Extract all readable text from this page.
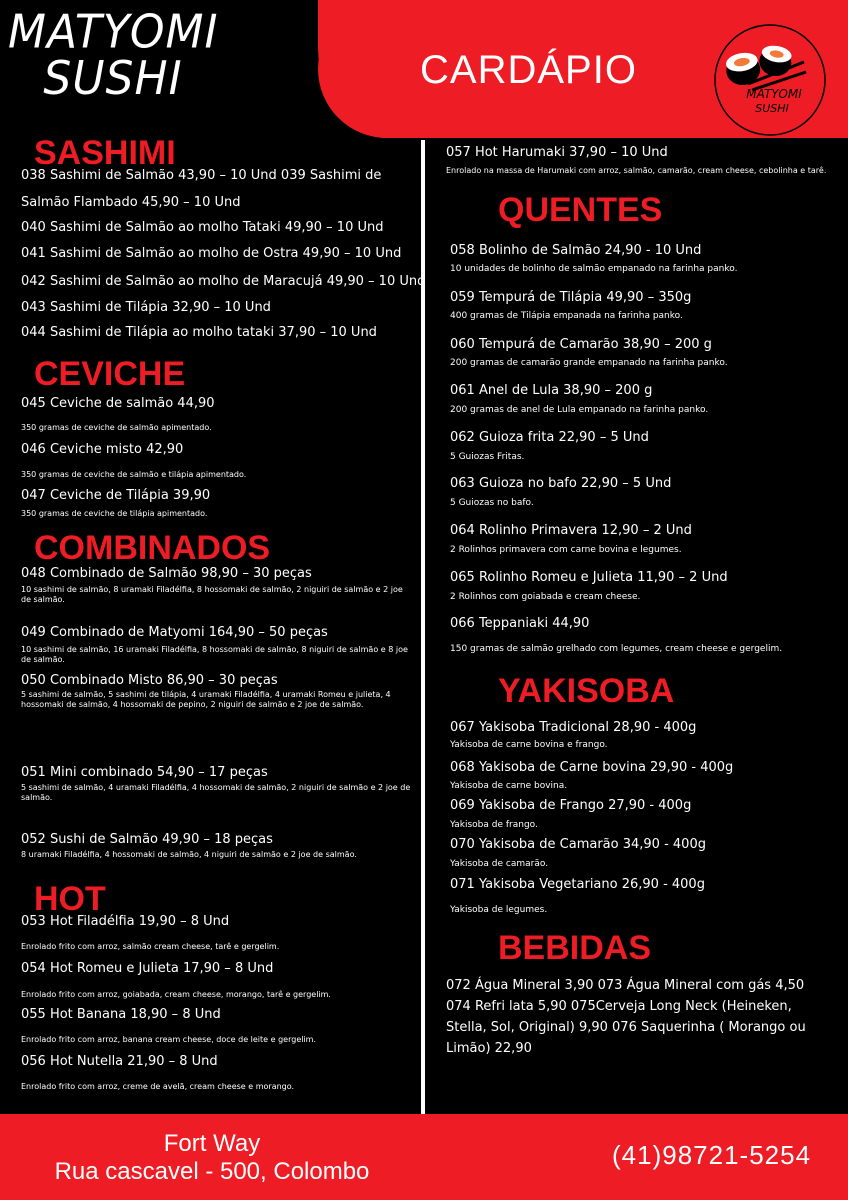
MATYOMI
SUSHI	CARDÁPIO
MATYOMI
SUSHI
SASHIMI
038 Sashimi de Salmão 43,90 – 10 Und 039 Sashimi de
Salmão Flambado 45,90 – 10 Und
040 Sashimi de Salmão ao molho Tataki 49,90 – 10 Und
041 Sashimi de Salmão ao molho de Ostra 49,90 – 10 Und
042 Sashimi de Salmão ao molho de Maracujá 49,90 – 10 Und
043 Sashimi de Tilápia 32,90 – 10 Und
044 Sashimi de Tilápia ao molho tataki 37,90 – 10 Und
CEVICHE
045 Ceviche de salmão 44,90
350 gramas de ceviche de salmão apimentado.
046 Ceviche misto 42,90
350 gramas de ceviche de salmão e tilápia apimentado.
047 Ceviche de Tilápia 39,90
350 gramas de ceviche de tilápia apimentado.
COMBINADOS
048 Combinado de Salmão 98,90 – 30 peças
10 sashimi de salmão, 8 uramaki Filadélfia, 8 hossomaki de salmão, 2 niguiri de salmão e 2 joe de salmão.
049 Combinado de Matyomi 164,90 – 50 peças
10 sashimi de salmão, 16 uramaki Filadélfia, 8 hossomaki de salmão, 8 niguiri de salmão e 8 joe de salmão.
050 Combinado Misto 86,90 – 30 peças
5 sashimi de salmão, 5 sashimi de tilápia, 4 uramaki Filadélfia, 4 uramaki Romeu e julieta, 4 hossomaki de salmão, 4 hossomaki de pepino, 2 niguiri de salmão e 2 joe de salmão.
051 Mini combinado 54,90 – 17 peças
5 sashimi de salmão, 4 uramaki Filadélfia, 4 hossomaki de salmão, 2 niguiri de salmão e 2 joe de salmão.
052 Sushi de Salmão 49,90 – 18 peças
8 uramaki Filadélfia, 4 hossomaki de salmão, 4 niguiri de salmão e 2 joe de salmão.
HOT
053 Hot Filadélfia 19,90 – 8 Und
Enrolado frito com arroz, salmão cream cheese, tarê e gergelim.
054 Hot Romeu e Julieta 17,90 – 8 Und
Enrolado frito com arroz, goiabada, cream cheese, morango, tarê e gergelim.
055 Hot Banana 18,90 – 8 Und
Enrolado frito com arroz, banana cream cheese, doce de leite e gergelim.
056 Hot Nutella 21,90 – 8 Und
Enrolado frito com arroz, creme de avelã, cream cheese e morango.
057 Hot Harumaki 37,90 – 10 Und
Enrolado na massa de Harumaki com arroz, salmão, camarão, cream cheese, cebolinha e tarê.
QUENTES
058 Bolinho de Salmão 24,90 - 10 Und
10 unidades de bolinho de salmão empanado na farinha panko.
059 Tempurá de Tilápia 49,90 – 350g
400 gramas de Tilápia empanada na farinha panko.
060 Tempurá de Camarão 38,90 – 200 g
200 gramas de camarão grande empanado na farinha panko.
061 Anel de Lula 38,90 – 200 g
200 gramas de anel de Lula empanado na farinha panko.
062 Guioza frita 22,90 – 5 Und
5 Guiozas Fritas.
063 Guioza no bafo 22,90 – 5 Und
5 Guiozas no bafo.
064 Rolinho Primavera 12,90 – 2 Und
2 Rolinhos primavera com carne bovina e legumes.
065 Rolinho Romeu e Julieta 11,90 – 2 Und
2 Rolinhos com goiabada e cream cheese.
066 Teppaniaki 44,90
150 gramas de salmão grelhado com legumes, cream cheese e gergelim.
YAKISOBA
067 Yakisoba Tradicional 28,90 - 400g
Yakisoba de carne bovina e frango.
068 Yakisoba de Carne bovina 29,90 - 400g
Yakisoba de carne bovina.
069 Yakisoba de Frango 27,90 - 400g
Yakisoba de frango.
070 Yakisoba de Camarão 34,90 - 400g
Yakisoba de camarão.
071 Yakisoba Vegetariano 26,90 - 400g
Yakisoba de legumes.
BEBIDAS
072 Água Mineral 3,90 073 Água Mineral com gás 4,50 074 Refri lata 5,90 075Cerveja Long Neck (Heineken, Stella, Sol, Original) 9,90 076 Saquerinha ( Morango ou Limão) 22,90
Fort Way
Rua cascavel - 500, Colombo
(41)98721-5254
